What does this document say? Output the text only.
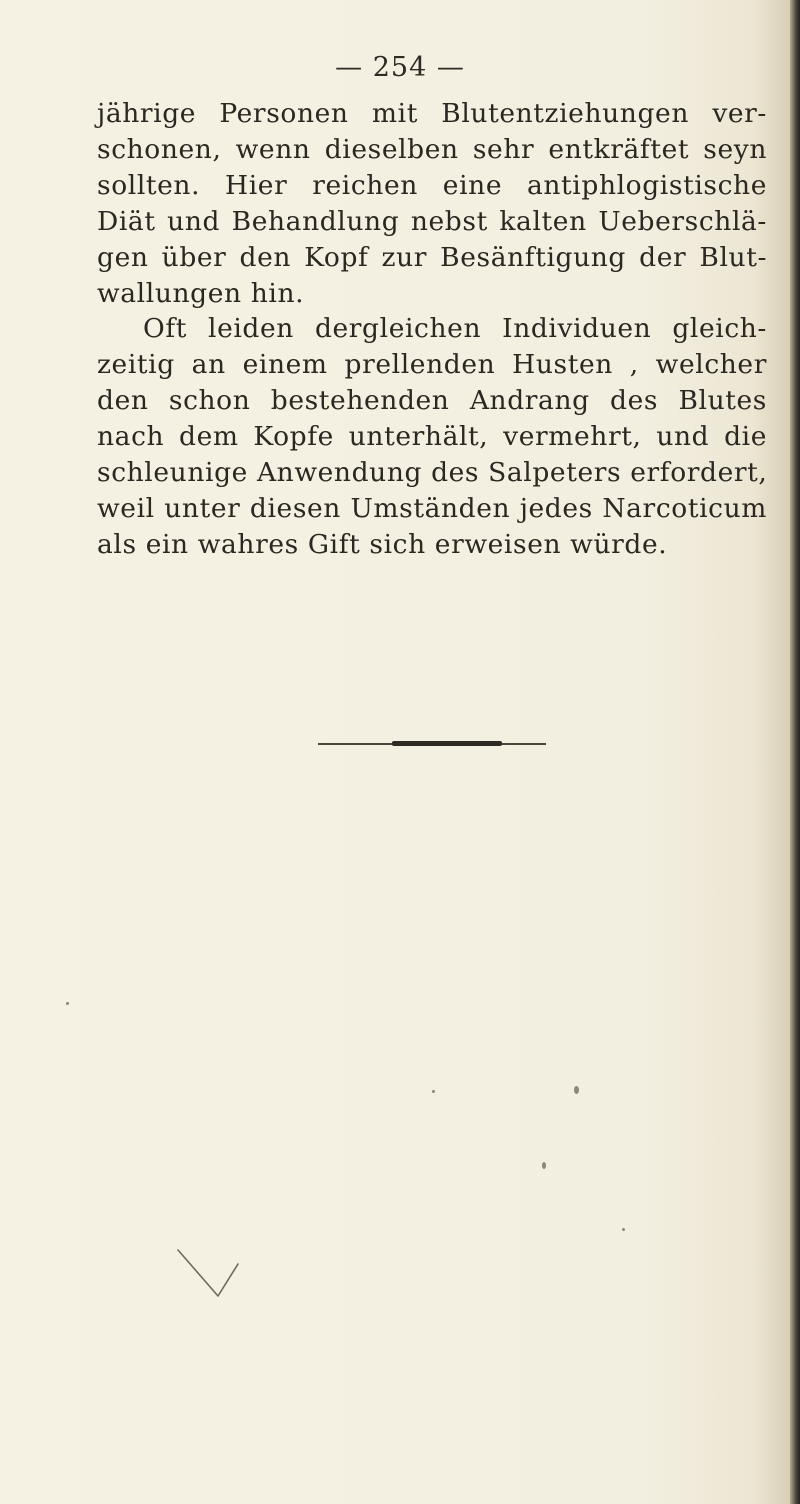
— 254 —
jährige Personen mit Blutentziehungen ver-
schonen, wenn dieselben sehr entkräftet seyn
sollten. Hier reichen eine antiphlogistische
Diät und Behandlung nebst kalten Ueberschlä-
gen über den Kopf zur Besänftigung der Blut-
wallungen hin.
Oft leiden dergleichen Individuen gleich-
zeitig an einem prellenden Husten , welcher
den schon bestehenden Andrang des Blutes
nach dem Kopfe unterhält, vermehrt, und die
schleunige Anwendung des Salpeters erfordert,
weil unter diesen Umständen jedes Narcoticum
als ein wahres Gift sich erweisen würde.
